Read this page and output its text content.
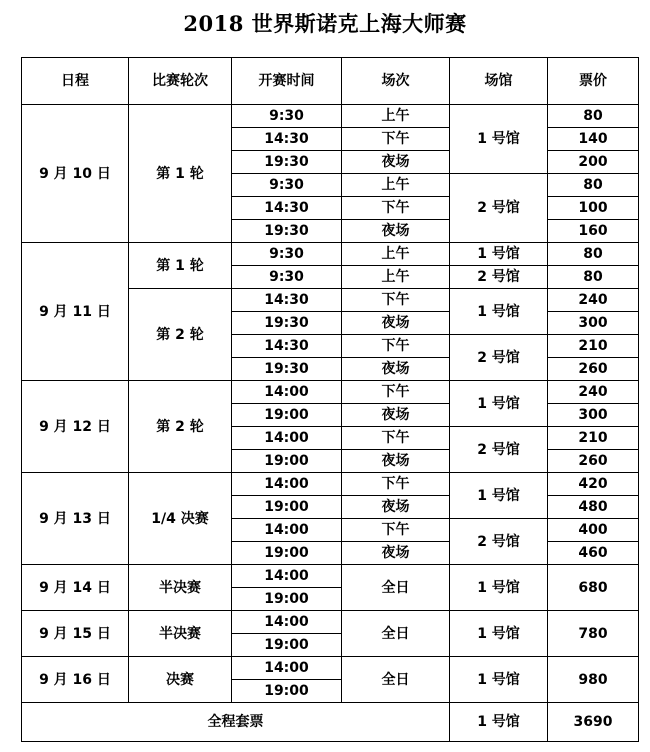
2018 世界斯诺克上海大师赛
日程	比赛轮次	开赛时间	场次	场馆	票价
9 月 10 日	第 1 轮	9:30	上午	1 号馆	80
		14:30	下午		140
		19:30	夜场		200
		9:30	上午	2 号馆	80
		14:30	下午		100
		19:30	夜场		160
9 月 11 日	第 1 轮	9:30	上午	1 号馆	80
		9:30	上午	2 号馆	80
	第 2 轮	14:30	下午	1 号馆	240
		19:30	夜场		300
		14:30	下午	2 号馆	210
		19:30	夜场		260
9 月 12 日	第 2 轮	14:00	下午	1 号馆	240
		19:00	夜场		300
		14:00	下午	2 号馆	210
		19:00	夜场		260
9 月 13 日	1/4 决赛	14:00	下午	1 号馆	420
		19:00	夜场		480
		14:00	下午	2 号馆	400
		19:00	夜场		460
9 月 14 日	半决赛	14:00	全日	1 号馆	680
		19:00			
9 月 15 日	半决赛	14:00	全日	1 号馆	780
		19:00			
9 月 16 日	决赛	14:00	全日	1 号馆	980
		19:00			
全程套票				1 号馆	3690
